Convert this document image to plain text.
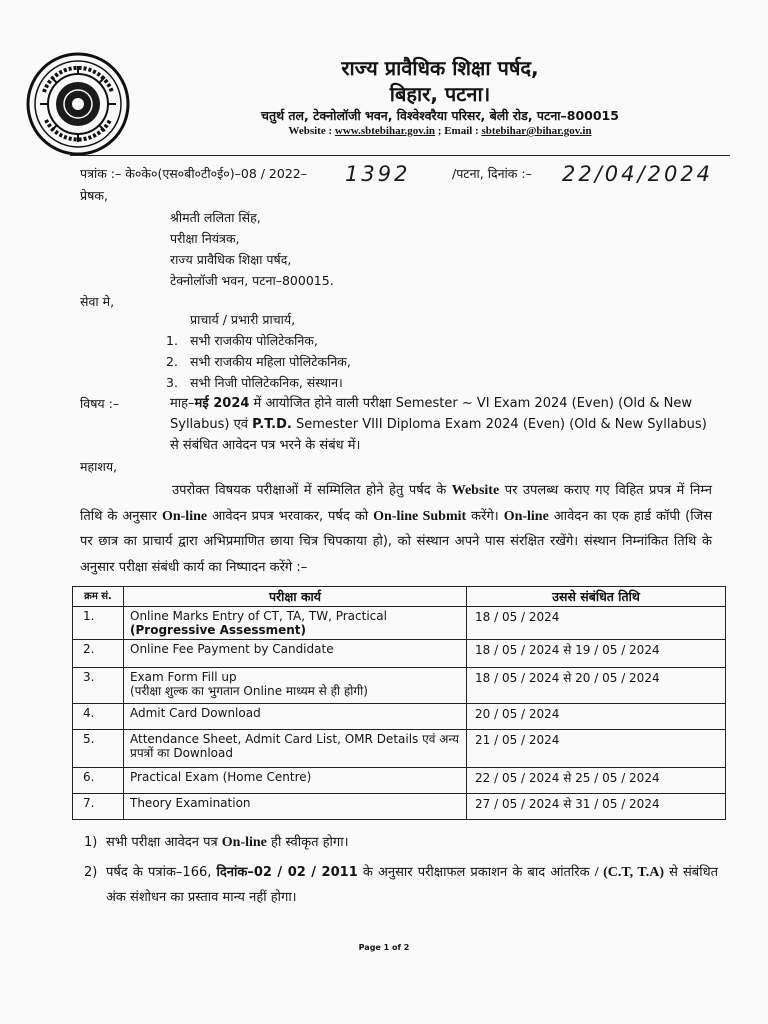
राज्य प्रावैधिक शिक्षा पर्षद,
बिहार, पटना।
चतुर्थ तल, टेक्नोलॉजी भवन, विश्वेश्वरैया परिसर, बेली रोड, पटना–800015
Website : www.sbtebihar.gov.in ; Email : sbtebihar@bihar.gov.in
पत्रांक :– के०के०(एस०बी०टी०ई०)–08 / 2022– 1392	/पटना, दिनांक :– 22/04/2024
प्रेषक,
श्रीमती ललिता सिंह,
परीक्षा नियंत्रक,
राज्य प्रावैधिक शिक्षा पर्षद,
टेक्नोलॉजी भवन, पटना–800015.
सेवा मे,
प्राचार्य / प्रभारी प्राचार्य,
1. सभी राजकीय पोलिटेकनिक,
2. सभी राजकीय महिला पोलिटेकनिक,
3. सभी निजी पोलिटेकनिक, संस्थान।
विषय :–	माह–मई 2024 में आयोजित होने वाली परीक्षा Semester ~ VI Exam 2024 (Even) (Old & New Syllabus) एवं P.T.D. Semester VIII Diploma Exam 2024 (Even) (Old & New Syllabus) से संबंधित आवेदन पत्र भरने के संबंध में।
महाशय,
उपरोक्त विषयक परीक्षाओं में सम्मिलित होने हेतु पर्षद के Website पर उपलब्ध कराए गए विहित प्रपत्र में निम्न तिथि के अनुसार On-line आवेदन प्रपत्र भरवाकर, पर्षद को On-line Submit करेंगे। On-line आवेदन का एक हार्ड कॉपी (जिस पर छात्र का प्राचार्य द्वारा अभिप्रमाणित छाया चित्र चिपकाया हो), को संस्थान अपने पास संरक्षित रखेंगे। संस्थान निम्नांकित तिथि के अनुसार परीक्षा संबंधी कार्य का निष्पादन करेंगे :–
क्रम सं.	परीक्षा कार्य	उससे संबंधित तिथि
1.	Online Marks Entry of CT, TA, TW, Practical
(Progressive Assessment)	18 / 05 / 2024
2.	Online Fee Payment by Candidate	18 / 05 / 2024 से 19 / 05 / 2024
3.	Exam Form Fill up
(परीक्षा शुल्क का भुगतान Online माध्यम से ही होगी)	18 / 05 / 2024 से 20 / 05 / 2024
4.	Admit Card Download	20 / 05 / 2024
5.	Attendance Sheet, Admit Card List, OMR Details एवं अन्य
प्रपत्रों का Download	21 / 05 / 2024
6.	Practical Exam (Home Centre)	22 / 05 / 2024 से 25 / 05 / 2024
7.	Theory Examination	27 / 05 / 2024 से 31 / 05 / 2024
1) सभी परीक्षा आवेदन पत्र On-line ही स्वीकृत होगा।
2) पर्षद के पत्रांक–166, दिनांक–02 / 02 / 2011 के अनुसार परीक्षाफल प्रकाशन के बाद आंतरिक / (C.T, T.A) से संबंधित अंक संशोधन का प्रस्ताव मान्य नहीं होगा।
Page 1 of 2
